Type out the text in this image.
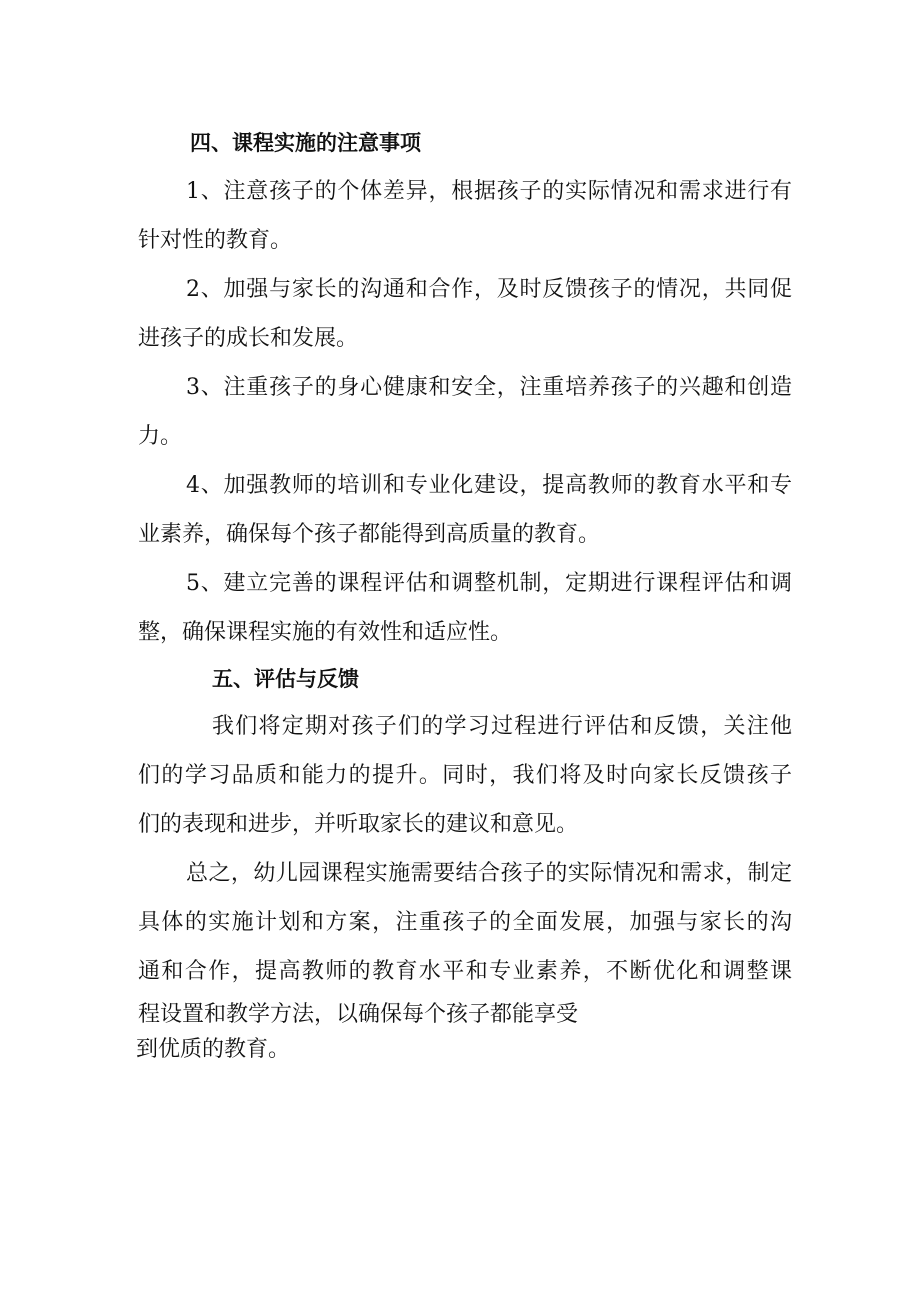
四、课程实施的注意事项
1、注意孩子的个体差异，根据孩子的实际情况和需求进行有
针对性的教育。
2、加强与家长的沟通和合作，及时反馈孩子的情况，共同促
进孩子的成长和发展。
3、注重孩子的身心健康和安全，注重培养孩子的兴趣和创造
力。
4、加强教师的培训和专业化建设，提高教师的教育水平和专
业素养，确保每个孩子都能得到高质量的教育。
5、建立完善的课程评估和调整机制，定期进行课程评估和调
整，确保课程实施的有效性和适应性。
五、评估与反馈
我们将定期对孩子们的学习过程进行评估和反馈，关注他
们的学习品质和能力的提升。同时，我们将及时向家长反馈孩子
们的表现和进步，并听取家长的建议和意见。
总之，幼儿园课程实施需要结合孩子的实际情况和需求，制定
具体的实施计划和方案，注重孩子的全面发展，加强与家长的沟
通和合作，提高教师的教育水平和专业素养，不断优化和调整课
程设置和教学方法，以确保每个孩子都能享受
到优质的教育。
